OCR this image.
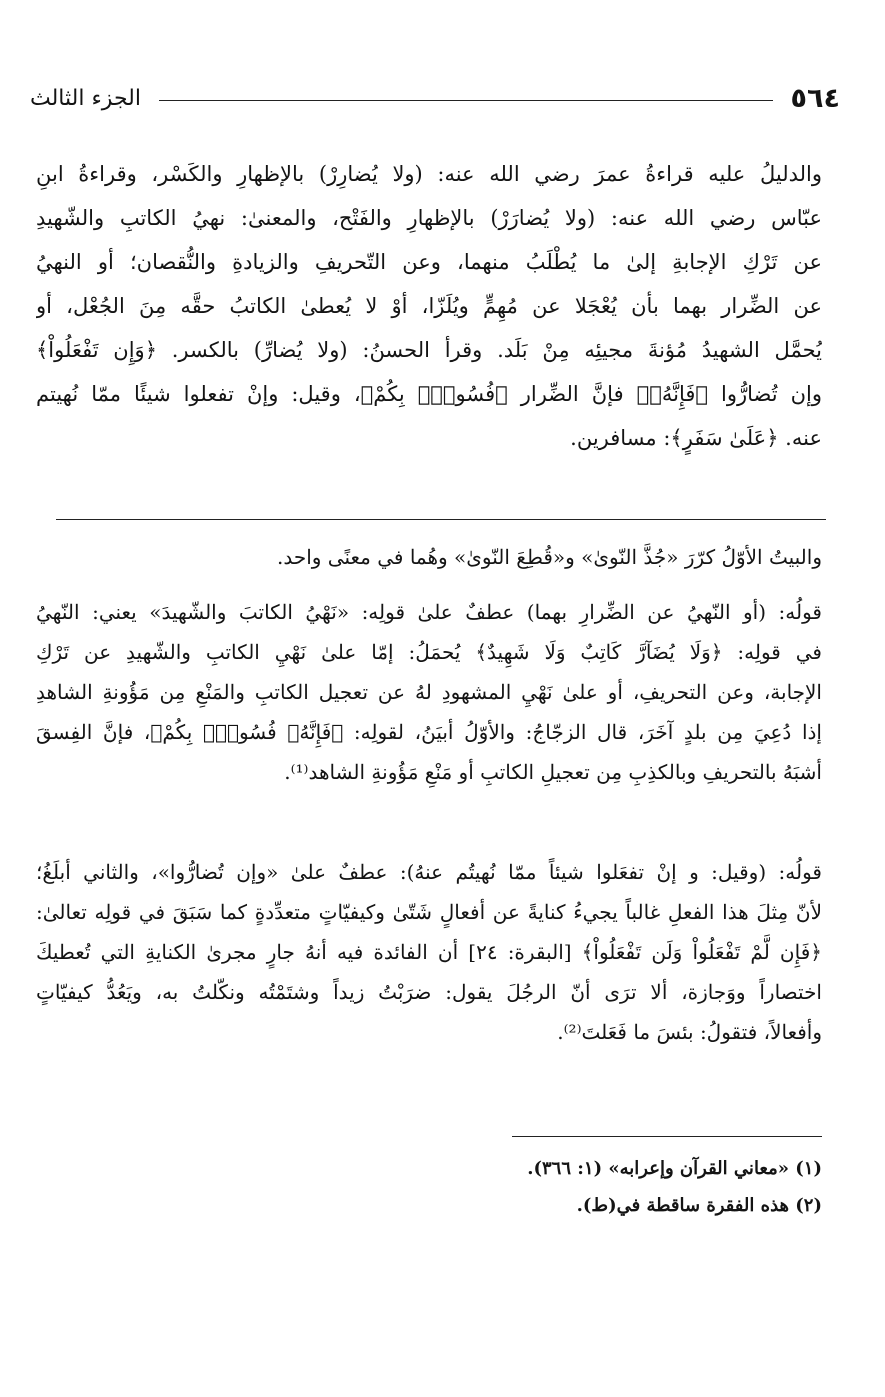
الجزء الثالث	٥٦٤
والدليلُ عليه قراءةُ عمرَ رضي الله عنه: (ولا يُضارِرْ) بالإظهارِ والكَسْر، وقراءةُ ابنِ
عبّاس رضي الله عنه: (ولا يُضارَرْ) بالإظهارِ والفَتْح، والمعنىٰ: نهيُ الكاتبِ والشّهيدِ
عن تَرْكِ الإجابةِ إلىٰ ما يُطْلَبُ منهما، وعن التّحريفِ والزيادةِ والنُّقصان؛ أو النهيُ
عن الضِّرار بهما بأن يُعْجَلا عن مُهِمٍّ ويُلَزّا، أوْ لا يُعطىٰ الكاتبُ حقَّه مِنَ الجُعْل، أو
يُحمَّل الشهيدُ مُؤنةَ مجيئِه مِنْ بَلَد. وقرأ الحسنُ: (ولا يُضارِّ) بالكسر. ﴿وَإِن تَفْعَلُواْ﴾
وإن تُضارُّوا ﴿فَإِنَّهُۥ﴾ فإنَّ الضِّرار ﴿فُسُوقٌۢ بِكُمْ﴾، وقيل: وإنْ تفعلوا شيئًا ممّا نُهيتم
عنه. ﴿عَلَىٰ سَفَرٍ﴾: مسافرين.
والبيتُ الأوّلُ كرّرَ «جُذَّ النّوىٰ» و«قُطِعَ النّوىٰ» وهُما في معنًى واحد.
قولُه: (أو النّهيُ عن الضِّرارِ بهما) عطفٌ علىٰ قولِه: «نَهْيُ الكاتبَ والشّهيدَ» يعني: النّهيُ
في قولِه: ﴿وَلَا يُضَآرَّ كَاتِبٌ وَلَا شَهِيدٌ﴾ يُحمَلُ: إمّا علىٰ نَهْيِ الكاتبِ والشّهيدِ عن تَرْكِ
الإجابة، وعن التحريفِ، أو علىٰ نَهْيِ المشهودِ لهُ عن تعجيل الكاتبِ والمَنْعِ مِن مَؤُونةِ الشاهدِ
إذا دُعِيَ مِن بلدٍ آخَرَ، قال الزجّاجُ: والأوّلُ أبيَنُ، لقولِه: ﴿فَإِنَّهُۥ فُسُوقٌۢ بِكُمْ﴾، فإنَّ الفِسقَ
أشبَهُ بالتحريفِ وبالكذِبِ مِن تعجيلِ الكاتبِ أو مَنْعِ مَؤُونةِ الشاهد⁽¹⁾.
قولُه: (وقيل: و إنْ تفعَلوا شيئاً ممّا نُهيتُم عنهُ): عطفٌ علىٰ «وإن تُضارُّوا»، والثاني أبلَغُ؛
لأنّ مِثلَ هذا الفعلِ غالباً يجيءُ كنايةً عن أفعالٍ شَتّىٰ وكيفيّاتٍ متعدِّدةٍ كما سَبَقَ في قولِه تعالىٰ:
﴿فَإِن لَّمْ تَفْعَلُواْ وَلَن تَفْعَلُواْ﴾ [البقرة: ٢٤] أن الفائدة فيه أنهُ جارٍ مجرىٰ الكنايةِ التي تُعطيكَ
اختصاراً ووَجازة، ألا ترَى أنّ الرجُلَ يقول: ضرَبْتُ زيداً وشتَمْتُه ونكّلتُ به، ويَعُدُّ كيفيّاتٍ
وأفعالاً، فتقولُ: بئسَ ما فَعَلتَ⁽²⁾.
(١) «معاني القرآن وإعرابه» (١: ٣٦٦).
(٢) هذه الفقرة ساقطة في(ط).
